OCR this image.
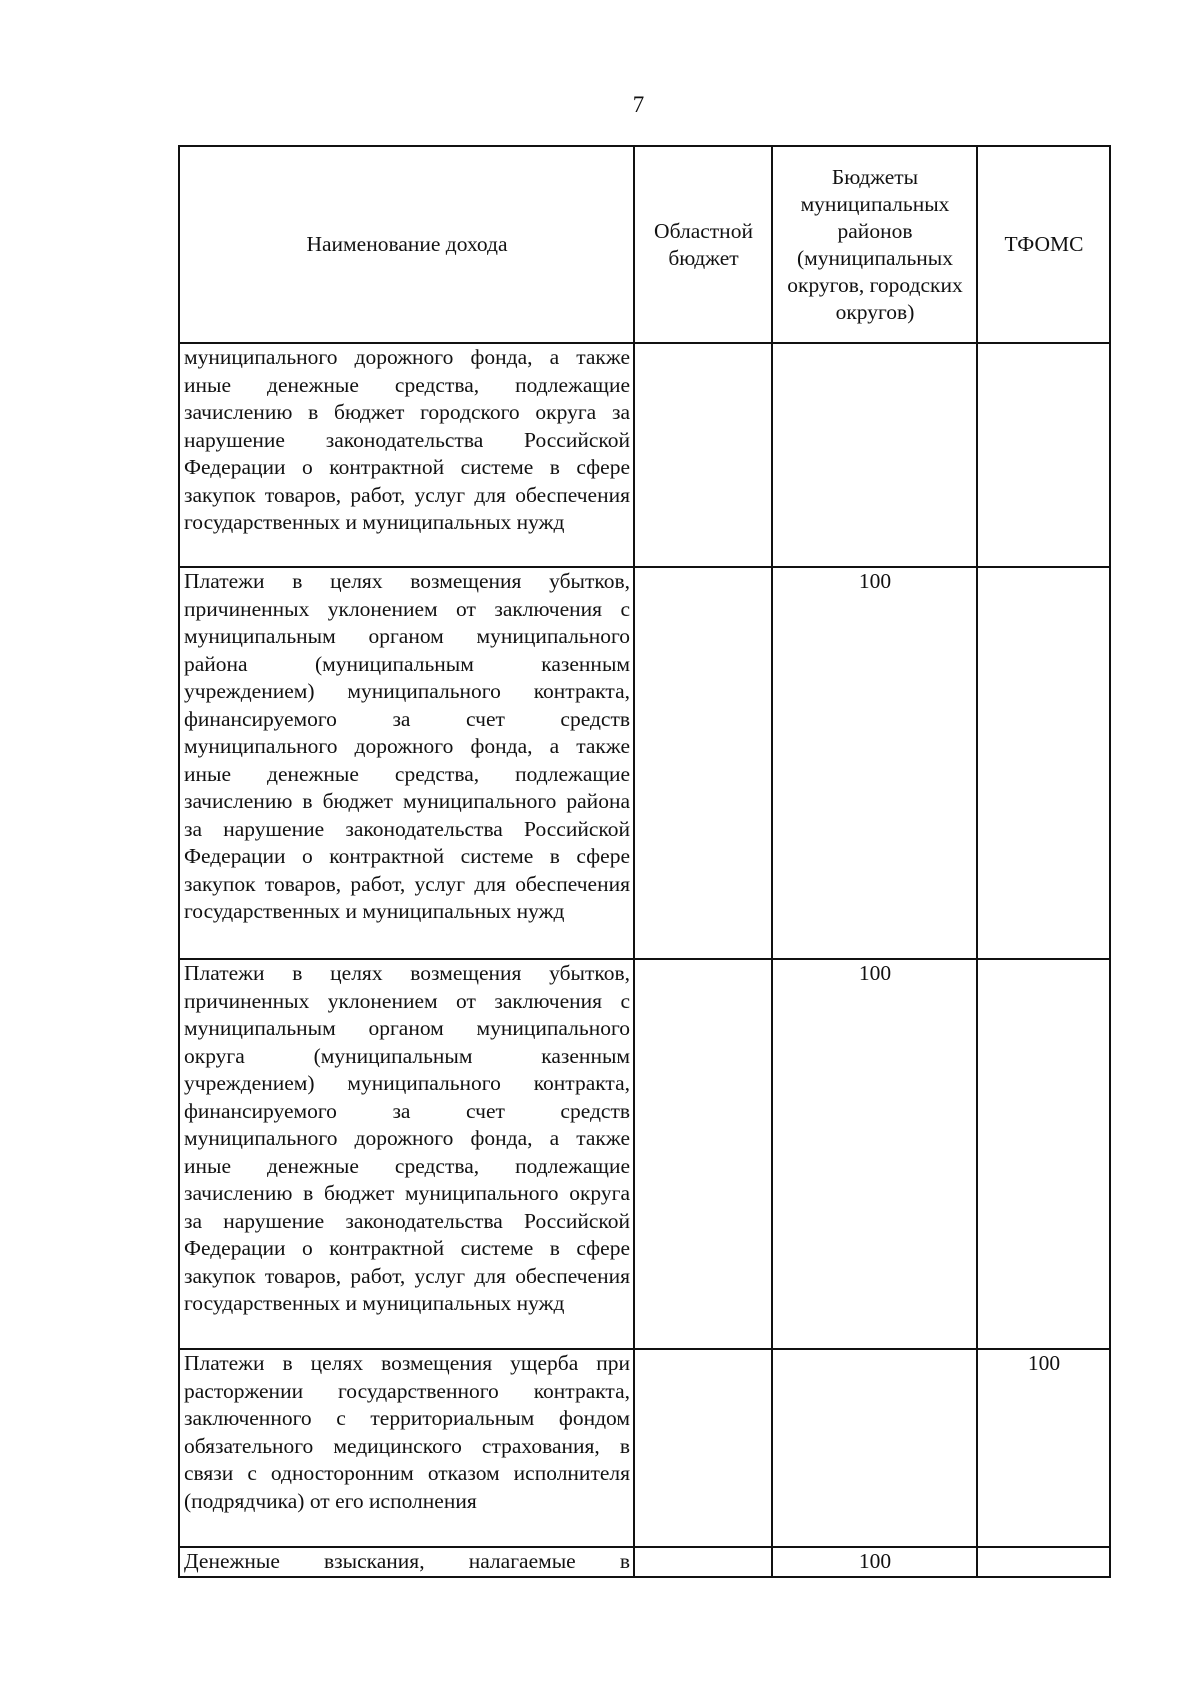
7
Наименование дохода	Областной бюджет	Бюджеты муниципальных районов (муниципальных округов, городских округов)	ТФОМС
муниципального дорожного фонда, а также иные денежные средства, подлежащие зачислению в бюджет городского округа за нарушение законодательства Российской Федерации о контрактной системе в сфере закупок товаров, работ, услуг для обеспечения государственных и муниципальных нужд			
Платежи в целях возмещения убытков, причиненных уклонением от заключения с муниципальным органом муниципального района (муниципальным казенным учреждением) муниципального контракта, финансируемого за счет средств муниципального дорожного фонда, а также иные денежные средства, подлежащие зачислению в бюджет муниципального района за нарушение законодательства Российской Федерации о контрактной системе в сфере закупок товаров, работ, услуг для обеспечения государственных и муниципальных нужд		100	
Платежи в целях возмещения убытков, причиненных уклонением от заключения с муниципальным органом муниципального округа (муниципальным казенным учреждением) муниципального контракта, финансируемого за счет средств муниципального дорожного фонда, а также иные денежные средства, подлежащие зачислению в бюджет муниципального округа за нарушение законодательства Российской Федерации о контрактной системе в сфере закупок товаров, работ, услуг для обеспечения государственных и муниципальных нужд		100	
Платежи в целях возмещения ущерба при расторжении государственного контракта, заключенного с территориальным фондом обязательного медицинского страхования, в связи с односторонним отказом исполнителя (подрядчика) от его исполнения			100

Денежные взыскания, налагаемые в		100	
